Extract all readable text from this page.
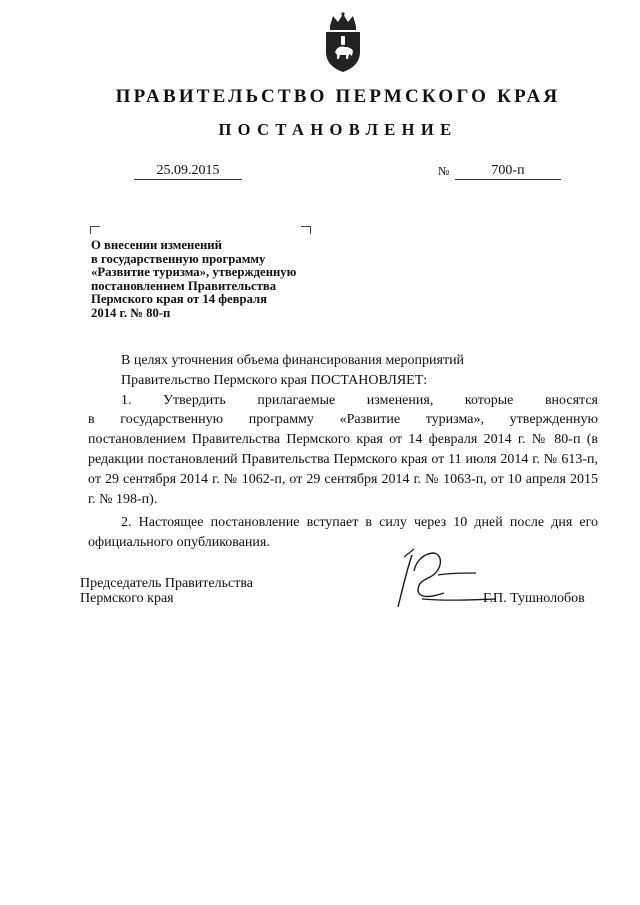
ПРАВИТЕЛЬСТВО ПЕРМСКОГО КРАЯ
ПОСТАНОВЛЕНИЕ
25.09.2015	№	700-п
О внесении изменений
в государственную программу
«Развитие туризма», утвержденную
постановлением Правительства
Пермского края от 14 февраля
2014 г. № 80-п

В целях уточнения объема финансирования мероприятий

Правительство Пермского края ПОСТАНОВЛЯЕТ:

1. Утвердить прилагаемые изменения, которые вносятся

в государственную программу «Развитие туризма», утвержденную

постановлением Правительства Пермского края от 14 февраля 2014 г. № 80-п (в редакции постановлений Правительства Пермского края от 11 июля 2014 г. № 613-п, от 29 сентября 2014 г. № 1062-п, от 29 сентября 2014 г. № 1063-п, от 10 апреля 2015 г. № 198-п).

2. Настоящее постановление вступает в силу через 10 дней после дня его официального опубликования.

Председатель Правительства
Пермского края	Г.П. Тушнолобов
